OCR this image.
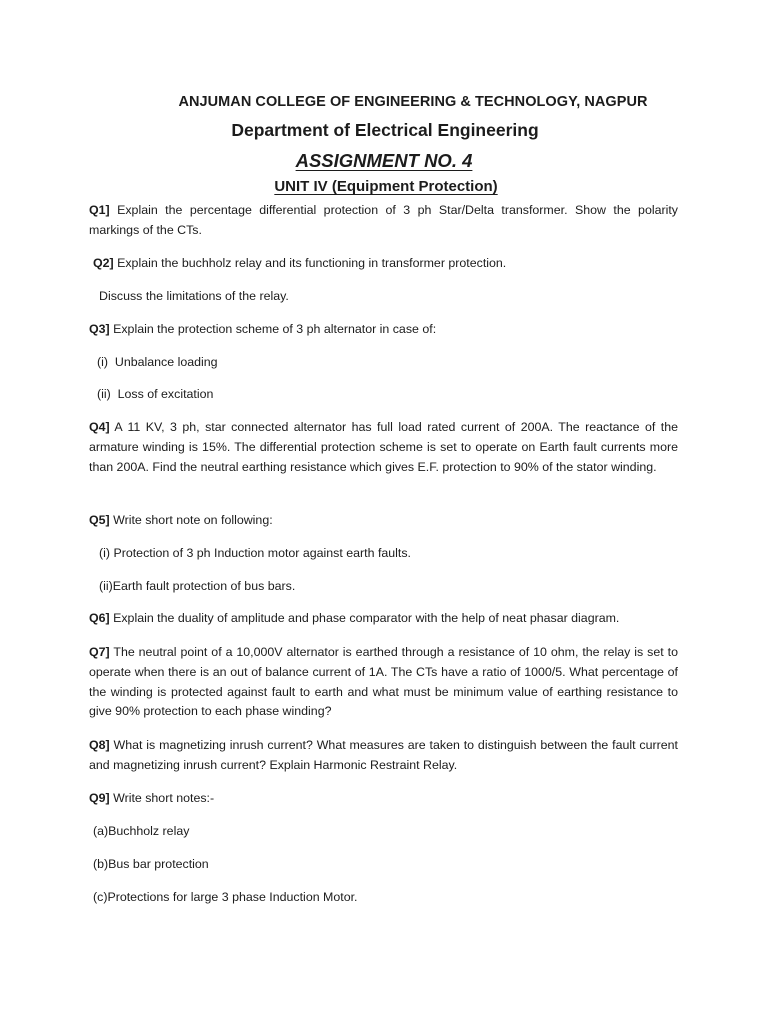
ANJUMAN COLLEGE OF ENGINEERING & TECHNOLOGY, NAGPUR
Department of Electrical Engineering
ASSIGNMENT NO. 4
UNIT IV (Equipment Protection)

Q1] Explain the percentage differential protection of 3 ph Star/Delta transformer. Show the polarity markings of the CTs.

Q2] Explain the buchholz relay and its functioning in transformer protection.

Discuss the limitations of the relay.

Q3] Explain the protection scheme of 3 ph alternator in case of:

(i)  Unbalance loading

(ii)  Loss of excitation

Q4] A 11 KV, 3 ph, star connected alternator has full load rated current of 200A. The reactance of the armature winding is 15%. The differential protection scheme is set to operate on Earth fault currents more than 200A. Find the neutral earthing resistance which gives E.F. protection to 90% of the stator winding.

Q5] Write short note on following:

(i) Protection of 3 ph Induction motor against earth faults.

(ii)Earth fault protection of bus bars.

Q6] Explain the duality of amplitude and phase comparator with the help of neat phasar diagram.

Q7] The neutral point of a 10,000V alternator is earthed through a resistance of 10 ohm, the relay is set to operate when there is an out of balance current of 1A. The CTs have a ratio of 1000/5. What percentage of the winding is protected against fault to earth and what must be minimum value of earthing resistance to give 90% protection to each phase winding?

Q8] What is magnetizing inrush current? What measures are taken to distinguish between the fault current and magnetizing inrush current? Explain Harmonic Restraint Relay.

Q9] Write short notes:-

(a)Buchholz relay

(b)Bus bar protection

(c)Protections for large 3 phase Induction Motor.
